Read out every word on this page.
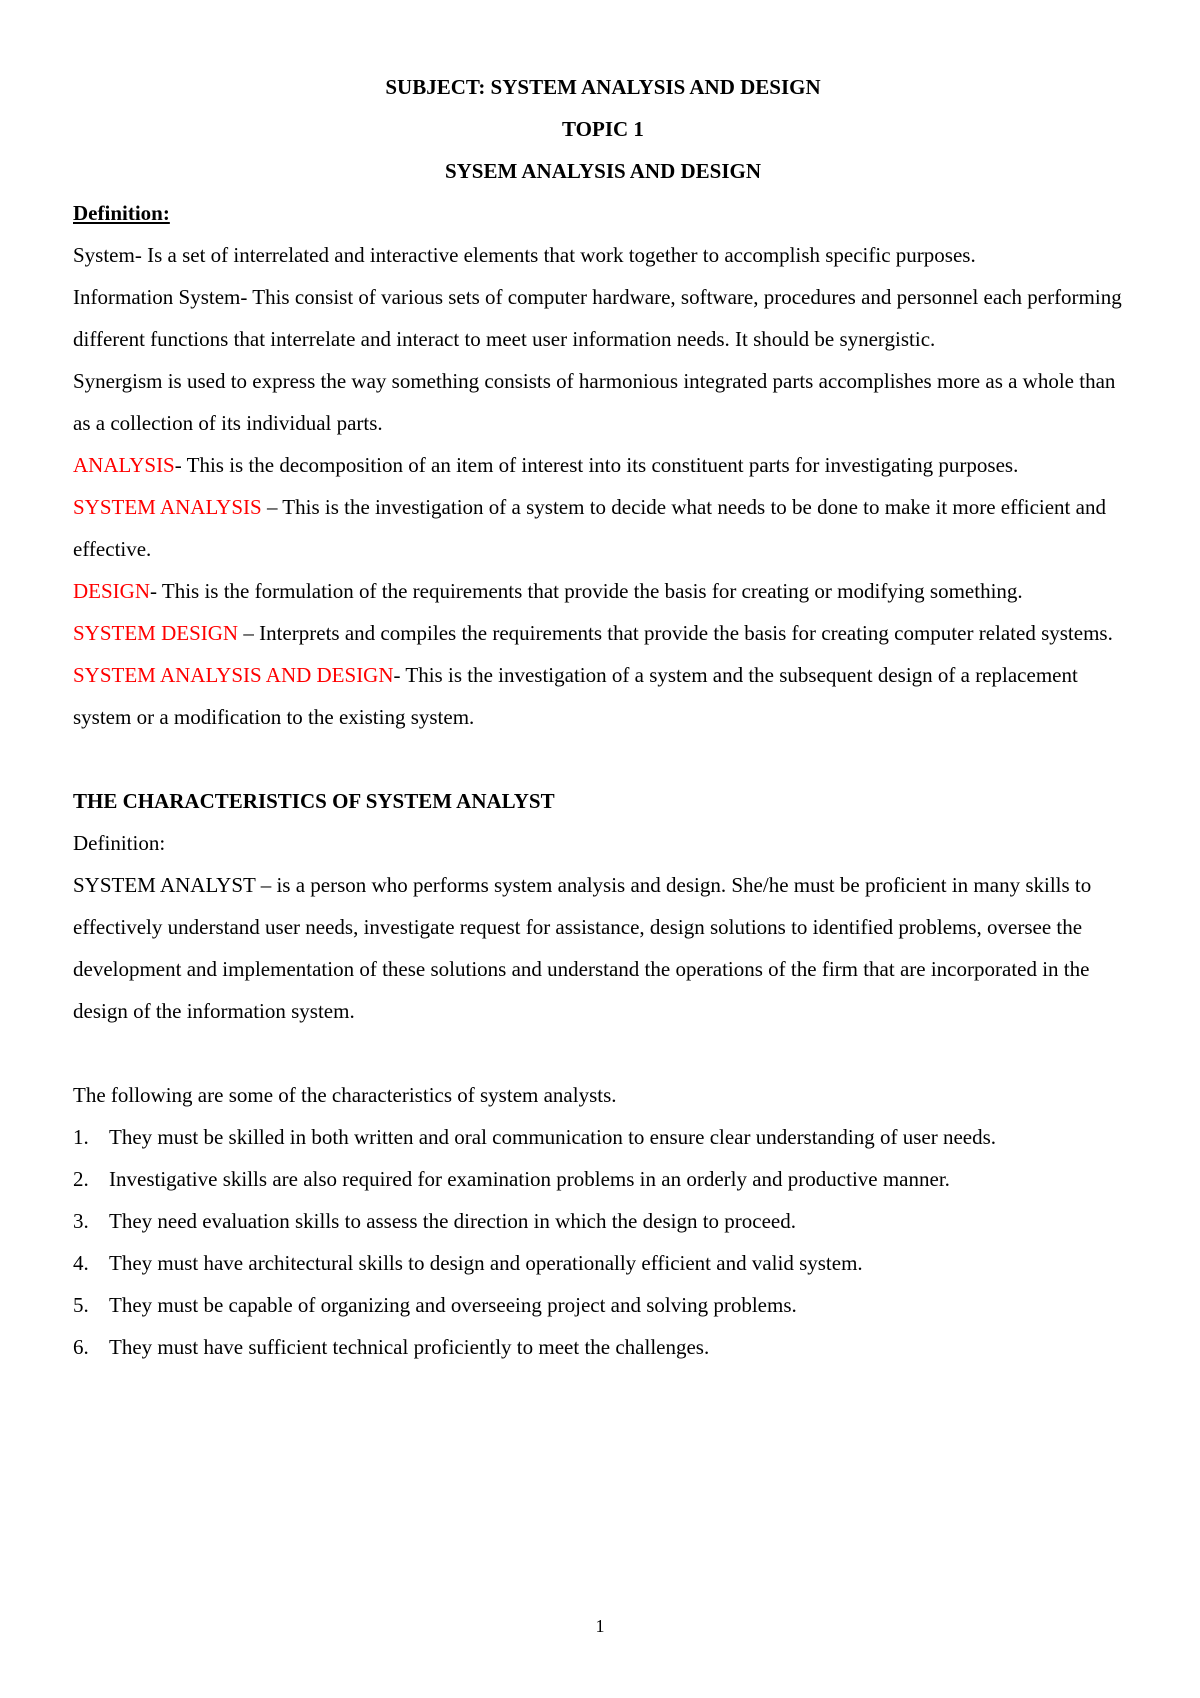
SUBJECT: SYSTEM ANALYSIS AND DESIGN

TOPIC 1

SYSEM ANALYSIS AND DESIGN

Definition:

System- Is a set of interrelated and interactive elements that work together to accomplish specific purposes.

Information System- This consist of various sets of computer hardware, software, procedures and personnel each performing different functions that interrelate and interact to meet user information needs. It should be synergistic.

Synergism is used to express the way something consists of harmonious integrated parts accomplishes more as a whole than as a collection of its individual parts.

ANALYSIS- This is the decomposition of an item of interest into its constituent parts for investigating purposes.

SYSTEM ANALYSIS – This is the investigation of a system to decide what needs to be done to make it more efficient and effective.

DESIGN- This is the formulation of the requirements that provide the basis for creating or modifying something.

SYSTEM DESIGN – Interprets and compiles the requirements that provide the basis for creating computer related systems.

SYSTEM ANALYSIS AND DESIGN- This is the investigation of a system and the subsequent design of a replacement system or a modification to the existing system.

THE CHARACTERISTICS OF SYSTEM ANALYST

Definition:

SYSTEM ANALYST – is a person who performs system analysis and design. She/he must be proficient in many skills to effectively understand user needs, investigate request for assistance, design solutions to identified problems, oversee the development and implementation of these solutions and understand the operations of the firm that are incorporated in the design of the information system.

The following are some of the characteristics of system analysts.

1. They must be skilled in both written and oral communication to ensure clear understanding of user needs.
2. Investigative skills are also required for examination problems in an orderly and productive manner.
3. They need evaluation skills to assess the direction in which the design to proceed.
4. They must have architectural skills to design and operationally efficient and valid system.
5. They must be capable of organizing and overseeing project and solving problems.
6. They must have sufficient technical proficiently to meet the challenges.
1
